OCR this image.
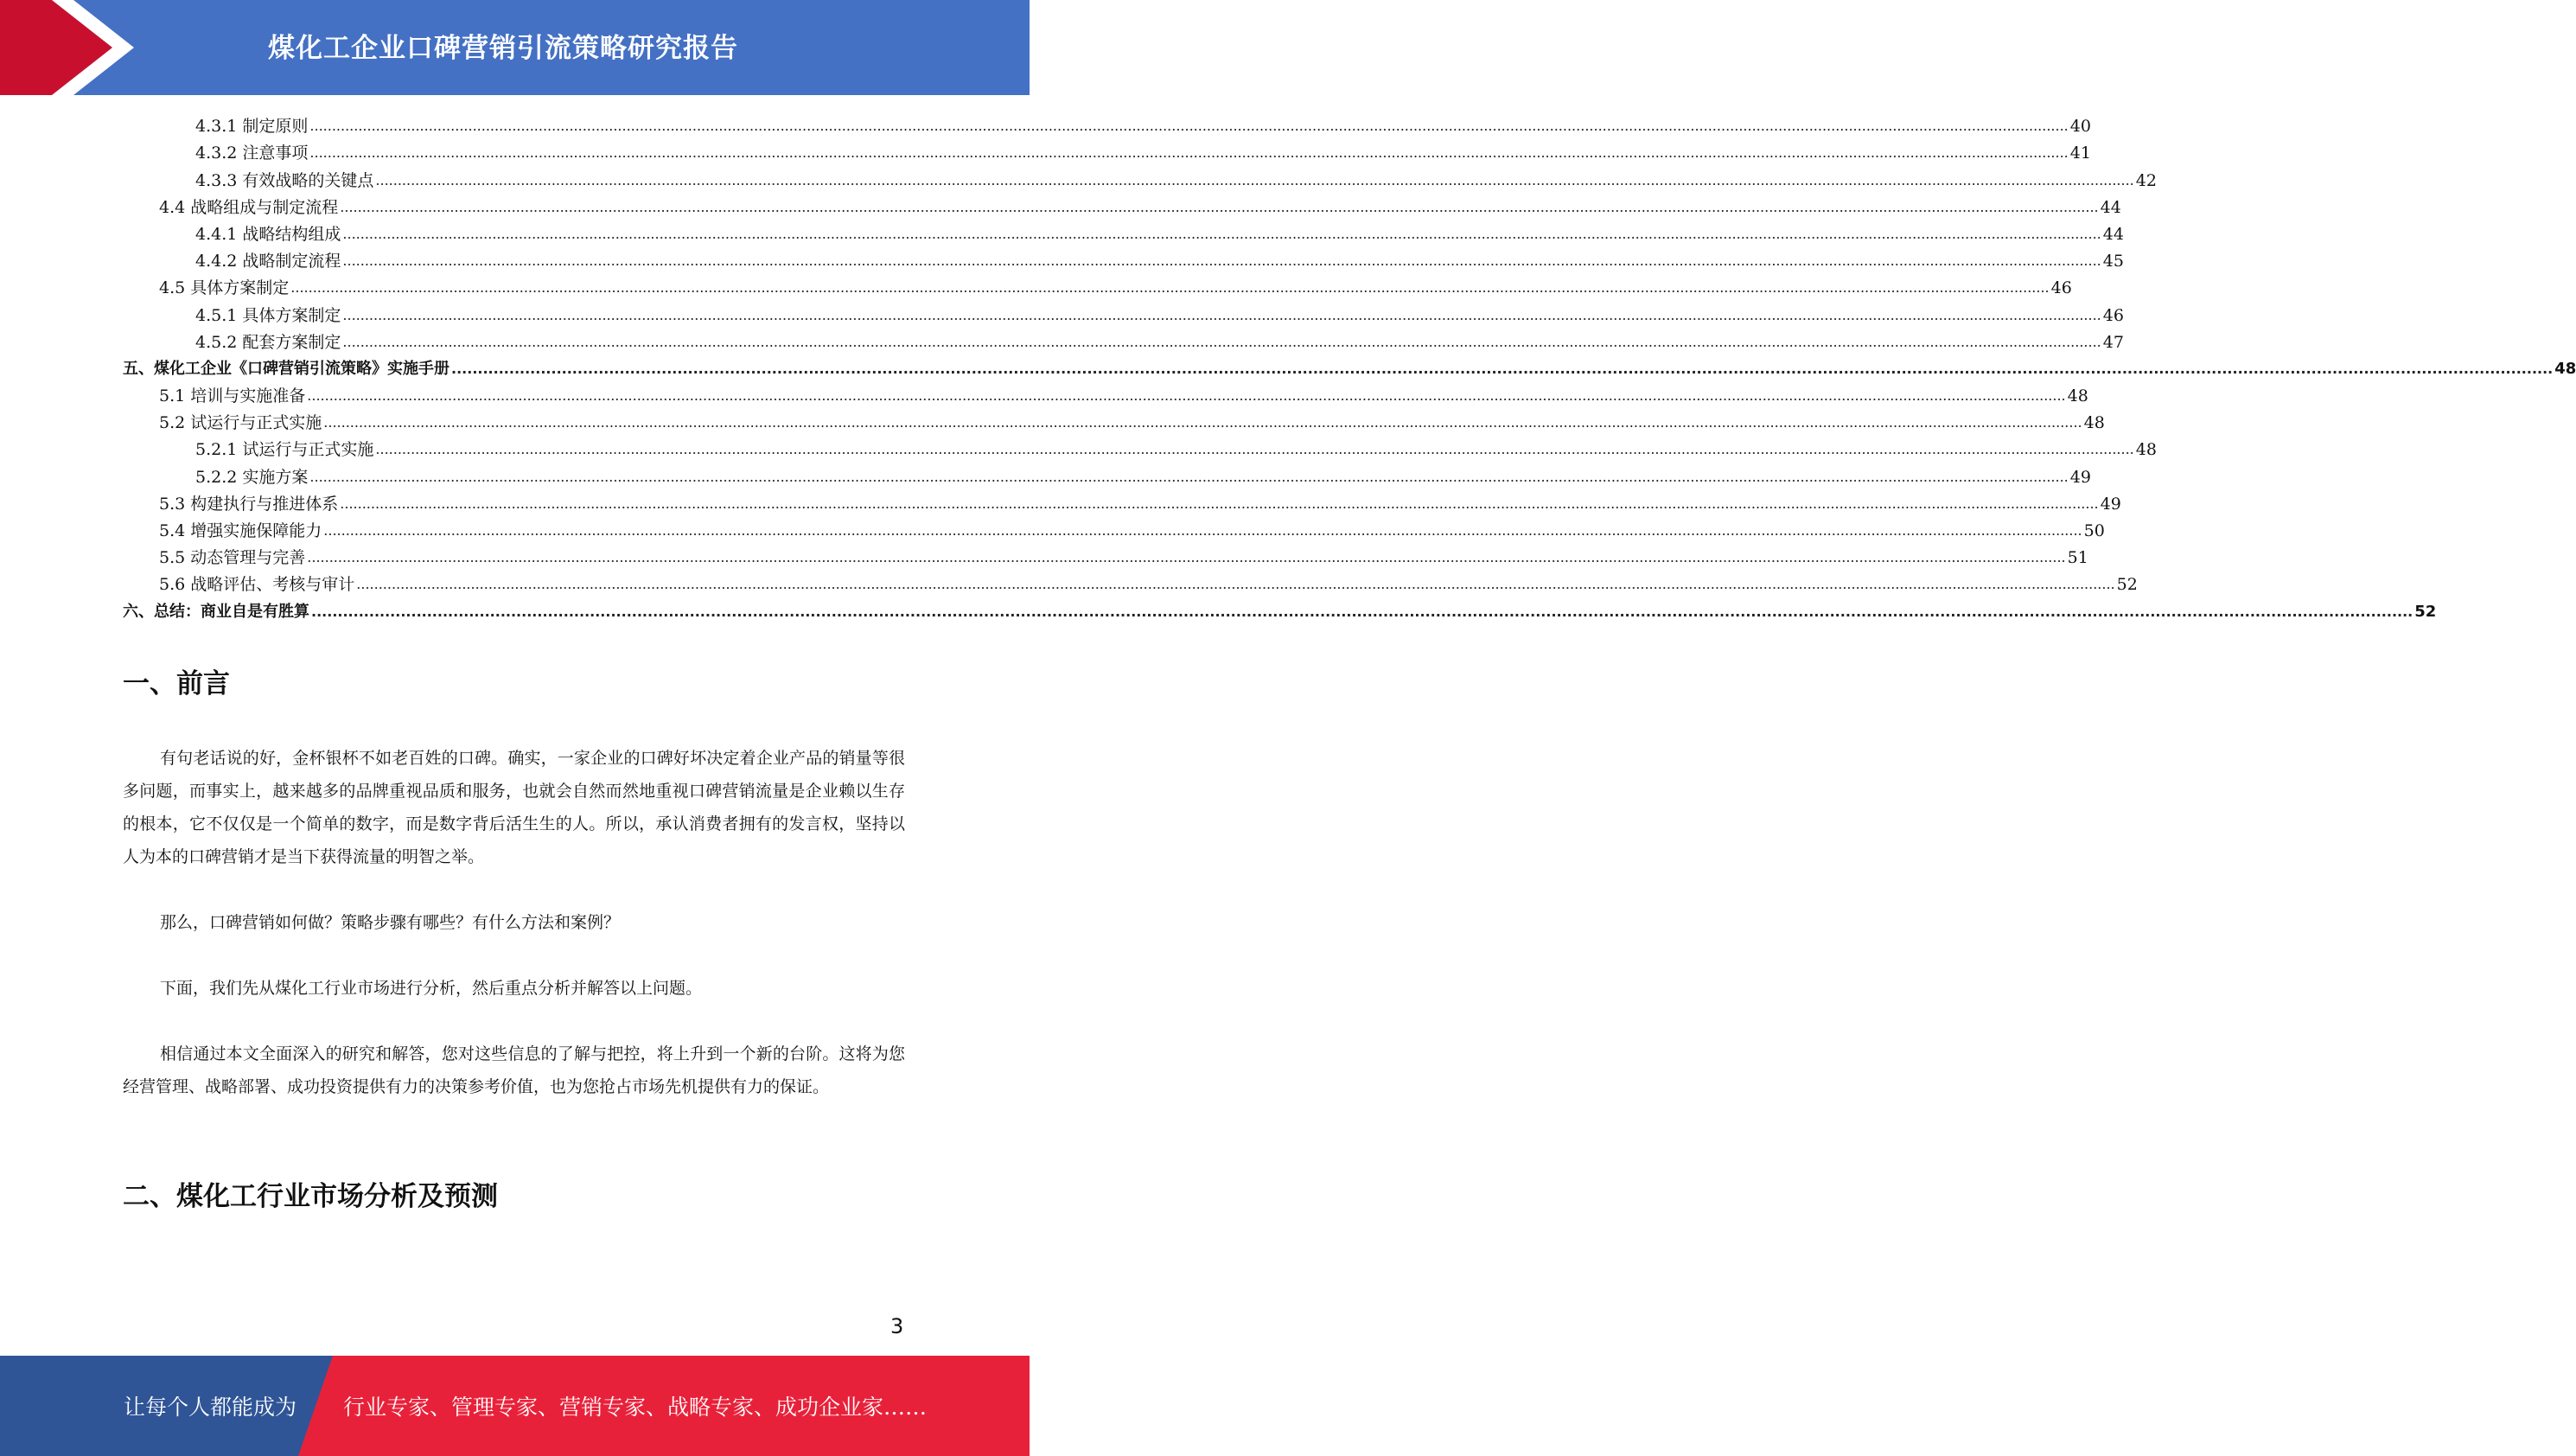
煤化工企业口碑营销引流策略研究报告
4.3.1 制定原则 ................................................................................................................................................................................................................................................................................................................................................................................................................ 40
4.3.2 注意事项 ................................................................................................................................................................................................................................................................................................................................................................................................................ 41
4.3.3 有效战略的关键点 ................................................................................................................................................................................................................................................................................................................................................................................................................ 42
4.4 战略组成与制定流程 ................................................................................................................................................................................................................................................................................................................................................................................................................ 44
4.4.1 战略结构组成 ................................................................................................................................................................................................................................................................................................................................................................................................................ 44
4.4.2 战略制定流程 ................................................................................................................................................................................................................................................................................................................................................................................................................ 45
4.5 具体方案制定 ................................................................................................................................................................................................................................................................................................................................................................................................................ 46
4.5.1 具体方案制定 ................................................................................................................................................................................................................................................................................................................................................................................................................ 46
4.5.2 配套方案制定 ................................................................................................................................................................................................................................................................................................................................................................................................................ 47
五、煤化工企业《口碑营销引流策略》实施手册 ................................................................................................................................................................................................................................................................................................................................................................................................................ 48
5.1 培训与实施准备 ................................................................................................................................................................................................................................................................................................................................................................................................................ 48
5.2 试运行与正式实施 ................................................................................................................................................................................................................................................................................................................................................................................................................ 48
5.2.1 试运行与正式实施 ................................................................................................................................................................................................................................................................................................................................................................................................................ 48
5.2.2 实施方案 ................................................................................................................................................................................................................................................................................................................................................................................................................ 49
5.3 构建执行与推进体系 ................................................................................................................................................................................................................................................................................................................................................................................................................ 49
5.4 增强实施保障能力 ................................................................................................................................................................................................................................................................................................................................................................................................................ 50
5.5 动态管理与完善 ................................................................................................................................................................................................................................................................................................................................................................................................................ 51
5.6 战略评估、考核与审计 ................................................................................................................................................................................................................................................................................................................................................................................................................ 52
六、总结：商业自是有胜算 ................................................................................................................................................................................................................................................................................................................................................................................................................ 52
一、前言

有句老话说的好，金杯银杯不如老百姓的口碑。确实，一家企业的口碑好坏决定着企业产品的销量等很多问题，而事实上，越来越多的品牌重视品质和服务，也就会自然而然地重视口碑营销流量是企业赖以生存的根本，它不仅仅是一个简单的数字，而是数字背后活生生的人。所以，承认消费者拥有的发言权，坚持以人为本的口碑营销才是当下获得流量的明智之举。

那么，口碑营销如何做？策略步骤有哪些？有什么方法和案例？

下面，我们先从煤化工行业市场进行分析，然后重点分析并解答以上问题。

相信通过本文全面深入的研究和解答，您对这些信息的了解与把控，将上升到一个新的台阶。这将为您经营管理、战略部署、成功投资提供有力的决策参考价值，也为您抢占市场先机提供有力的保证。

二、煤化工行业市场分析及预测
3
让每个人都能成为 行业专家、管理专家、营销专家、战略专家、成功企业家……
